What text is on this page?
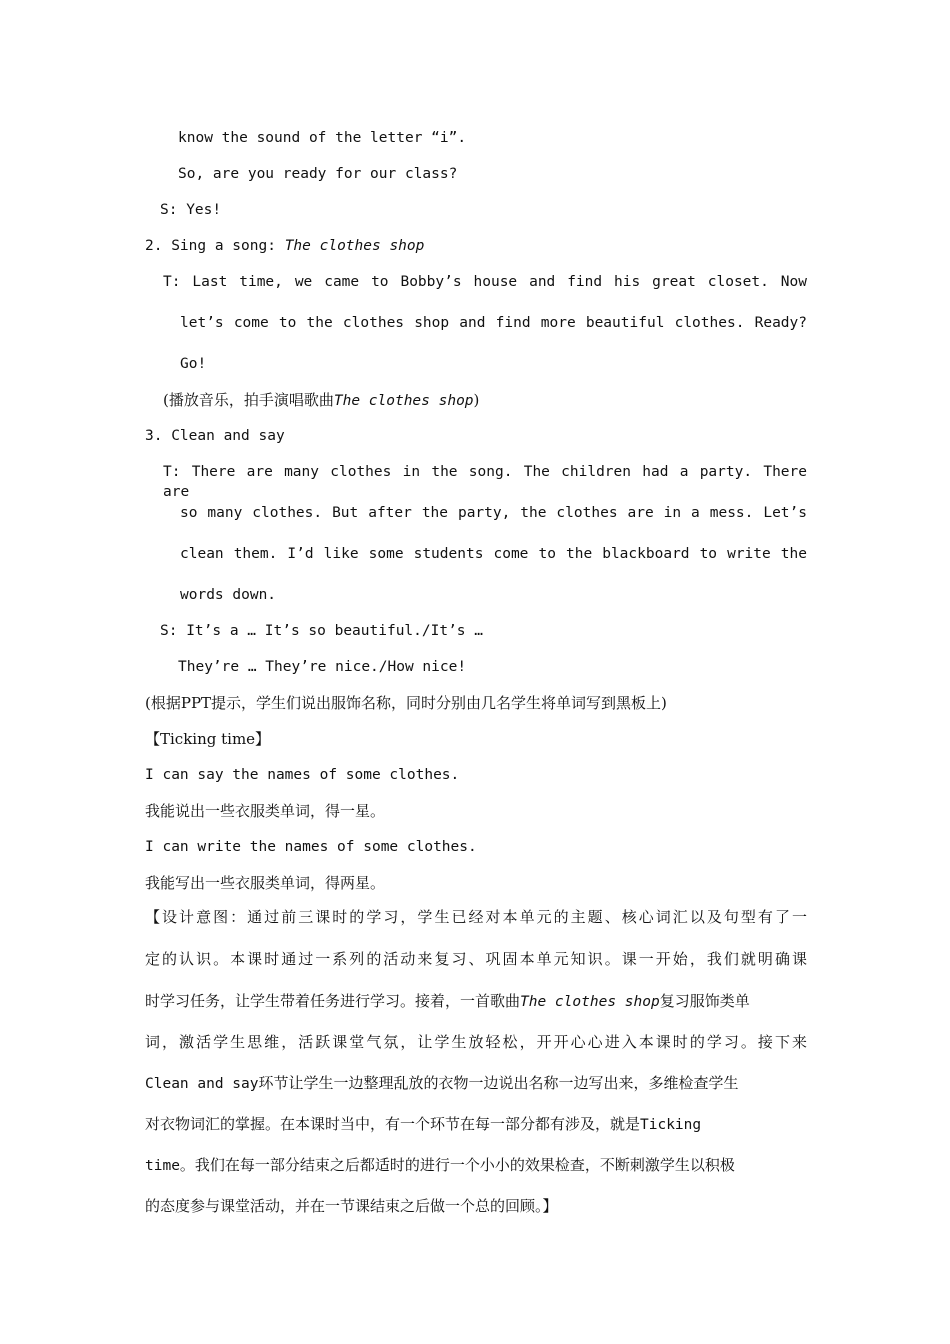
know the sound of the letter “i”.
So, are you ready for our class?
S: Yes!
2. Sing a song: The clothes shop
T: Last time, we came to Bobby’s house and find his great closet. Now
let’s come to the clothes shop and find more beautiful clothes. Ready?
Go!
(播放音乐，拍手演唱歌曲The clothes shop)
3. Clean and say
T: There are many clothes in the song. The children had a party. There are
so many clothes. But after the party, the clothes are in a mess. Let’s
clean them. I’d like some students come to the blackboard to write the
words down.
S: It’s a … It’s so beautiful./It’s …
They’re … They’re nice./How nice!
(根据PPT提示，学生们说出服饰名称，同时分别由几名学生将单词写到黑板上)
【Ticking time】
I can say the names of some clothes.
我能说出一些衣服类单词，得一星。
I can write the names of some clothes.
我能写出一些衣服类单词，得两星。
【设计意图：通过前三课时的学习，学生已经对本单元的主题、核心词汇以及句型有了一
定的认识。本课时通过一系列的活动来复习、巩固本单元知识。课一开始，我们就明确课
时学习任务，让学生带着任务进行学习。接着，一首歌曲The clothes shop复习服饰类单
词，激活学生思维，活跃课堂气氛，让学生放轻松，开开心心进入本课时的学习。接下来
Clean and say环节让学生一边整理乱放的衣物一边说出名称一边写出来，多维检查学生
对衣物词汇的掌握。在本课时当中，有一个环节在每一部分都有涉及，就是Ticking
time。我们在每一部分结束之后都适时的进行一个小小的效果检查，不断刺激学生以积极
的态度参与课堂活动，并在一节课结束之后做一个总的回顾。】
